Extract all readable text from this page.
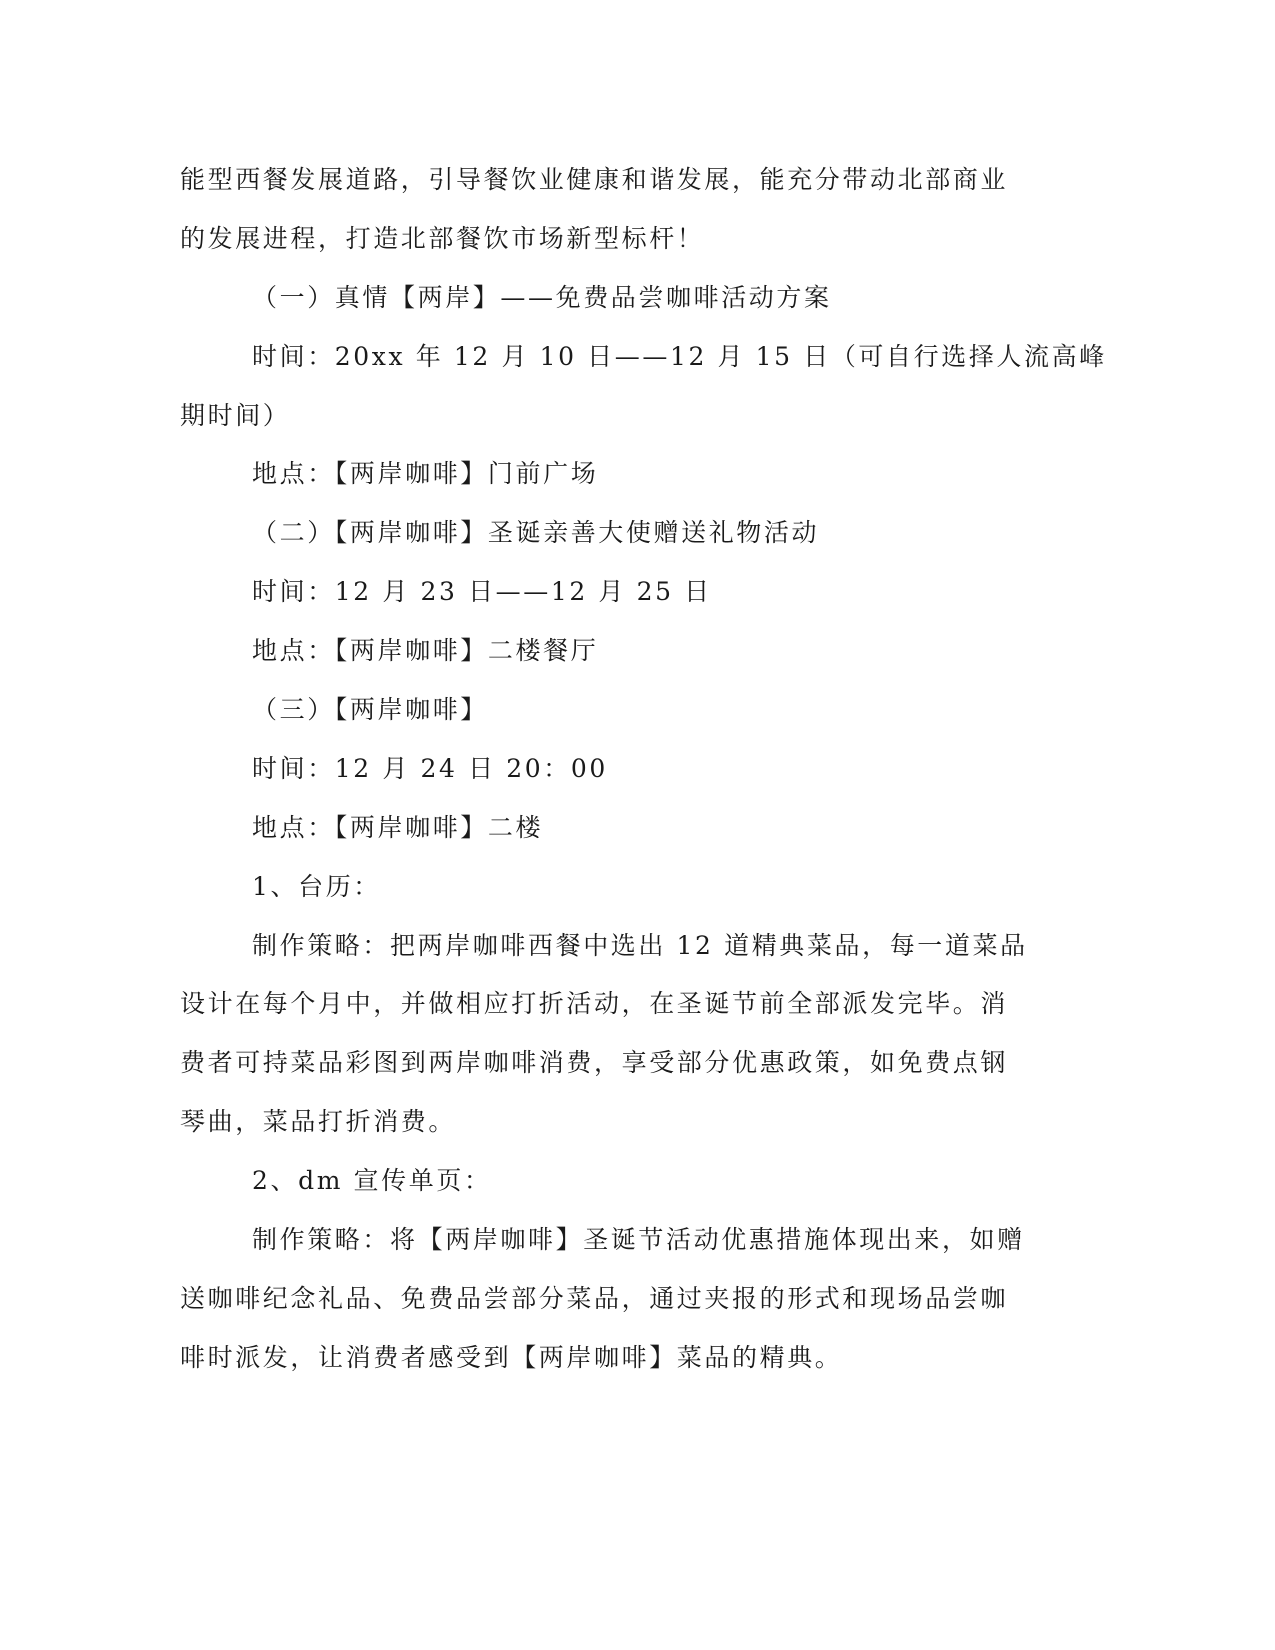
能型西餐发展道路，引导餐饮业健康和谐发展，能充分带动北部商业
的发展进程，打造北部餐饮市场新型标杆！
（一）真情【两岸】——免费品尝咖啡活动方案
时间：20xx 年 12 月 10 日——12 月 15 日（可自行选择人流高峰
期时间）
地点：【两岸咖啡】门前广场
（二）【两岸咖啡】圣诞亲善大使赠送礼物活动
时间：12 月 23 日——12 月 25 日
地点：【两岸咖啡】二楼餐厅
（三）【两岸咖啡】
时间：12 月 24 日 20：00
地点：【两岸咖啡】二楼
1、台历：
制作策略：把两岸咖啡西餐中选出 12 道精典菜品，每一道菜品
设计在每个月中，并做相应打折活动，在圣诞节前全部派发完毕。消
费者可持菜品彩图到两岸咖啡消费，享受部分优惠政策，如免费点钢
琴曲，菜品打折消费。
2、dm 宣传单页：
制作策略：将【两岸咖啡】圣诞节活动优惠措施体现出来，如赠
送咖啡纪念礼品、免费品尝部分菜品，通过夹报的形式和现场品尝咖
啡时派发，让消费者感受到【两岸咖啡】菜品的精典。
